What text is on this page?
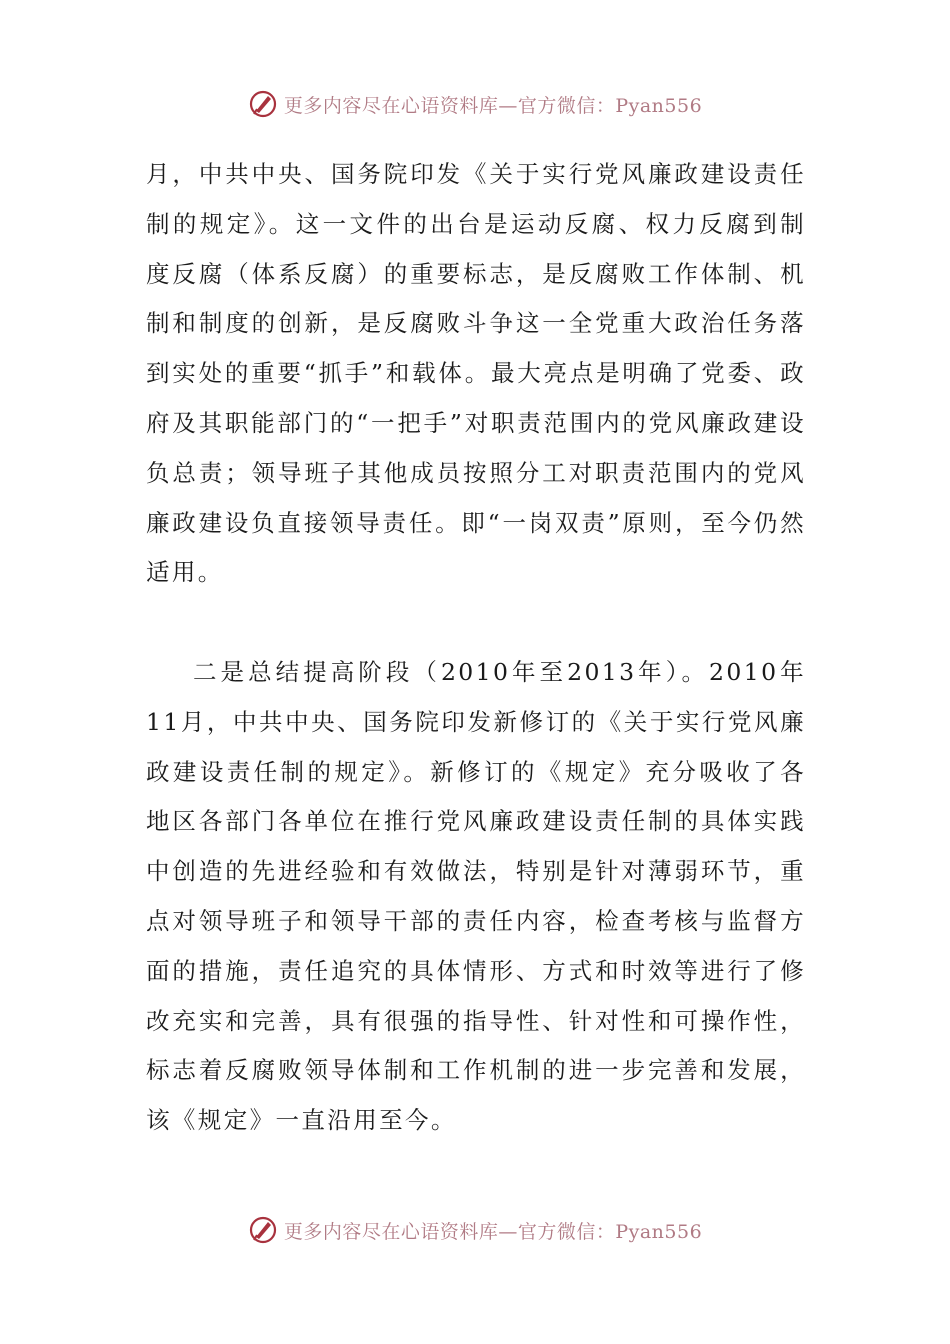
更多内容尽在心语资料库—官方微信：Pyan556

月，中共中央、国务院印发《关于实行党风廉政建设责任制的规定》。这一文件的出台是运动反腐、权力反腐到制度反腐（体系反腐）的重要标志，是反腐败工作体制、机制和制度的创新，是反腐败斗争这一全党重大政治任务落到实处的重要“抓手”和载体。最大亮点是明确了党委、政府及其职能部门的“一把手”对职责范围内的党风廉政建设负总责；领导班子其他成员按照分工对职责范围内的党风廉政建设负直接领导责任。即“一岗双责”原则，至今仍然适用。

二是总结提高阶段（2010年至2013年）。2010年11月，中共中央、国务院印发新修订的《关于实行党风廉政建设责任制的规定》。新修订的《规定》充分吸收了各地区各部门各单位在推行党风廉政建设责任制的具体实践中创造的先进经验和有效做法，特别是针对薄弱环节，重点对领导班子和领导干部的责任内容，检查考核与监督方面的措施，责任追究的具体情形、方式和时效等进行了修改充实和完善，具有很强的指导性、针对性和可操作性，标志着反腐败领导体制和工作机制的进一步完善和发展，该《规定》一直沿用至今。

更多内容尽在心语资料库—官方微信：Pyan556
